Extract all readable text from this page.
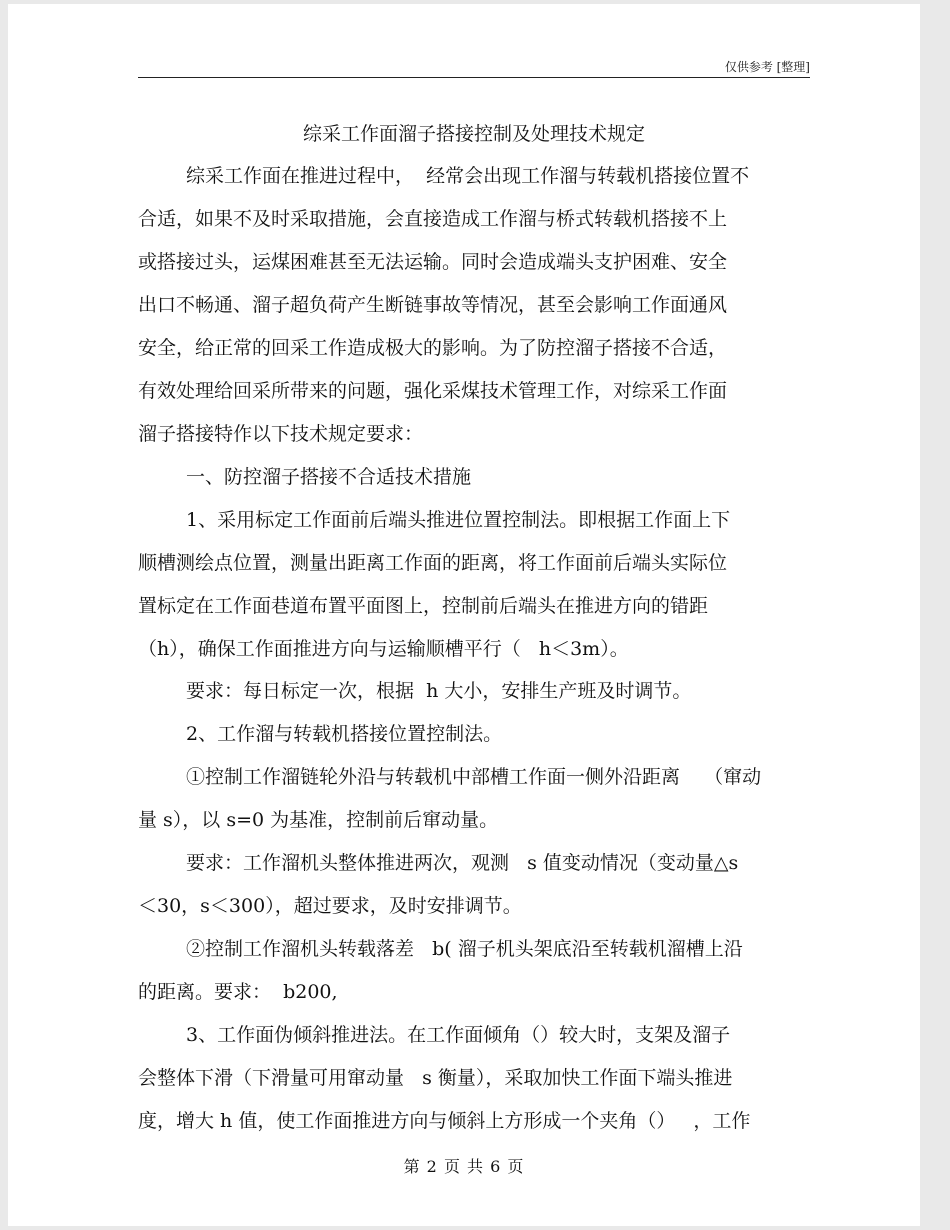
仅供参考 [整理]
综采工作面溜子搭接控制及处理技术规定
综采工作面在推进过程中，  经常会出现工作溜与转载机搭接位置不
合适，如果不及时采取措施，会直接造成工作溜与桥式转载机搭接不上
或搭接过头，运煤困难甚至无法运输。同时会造成端头支护困难、安全
出口不畅通、溜子超负荷产生断链事故等情况，甚至会影响工作面通风
安全，给正常的回采工作造成极大的影响。为了防控溜子搭接不合适，
有效处理给回采所带来的问题，强化采煤技术管理工作，对综采工作面
溜子搭接特作以下技术规定要求：
一、防控溜子搭接不合适技术措施
1、采用标定工作面前后端头推进位置控制法。即根据工作面上下
顺槽测绘点位置，测量出距离工作面的距离，将工作面前后端头实际位
置标定在工作面巷道布置平面图上，控制前后端头在推进方向的错距
（h），确保工作面推进方向与运输顺槽平行（   h＜3m）。
要求：每日标定一次，根据  h 大小，安排生产班及时调节。
2、工作溜与转载机搭接位置控制法。
①控制工作溜链轮外沿与转载机中部槽工作面一侧外沿距离    （窜动
量 s），以 s=0 为基准，控制前后窜动量。
要求：工作溜机头整体推进两次，观测   s 值变动情况（变动量△s
＜30，s＜300），超过要求，及时安排调节。
②控制工作溜机头转载落差   b( 溜子机头架底沿至转载机溜槽上沿
的距离。要求：  b200,
3、工作面伪倾斜推进法。在工作面倾角（）较大时，支架及溜子
会整体下滑（下滑量可用窜动量   s 衡量），采取加快工作面下端头推进
度，增大 h 值，使工作面推进方向与倾斜上方形成一个夹角（）   ，工作
第 2 页 共 6 页
